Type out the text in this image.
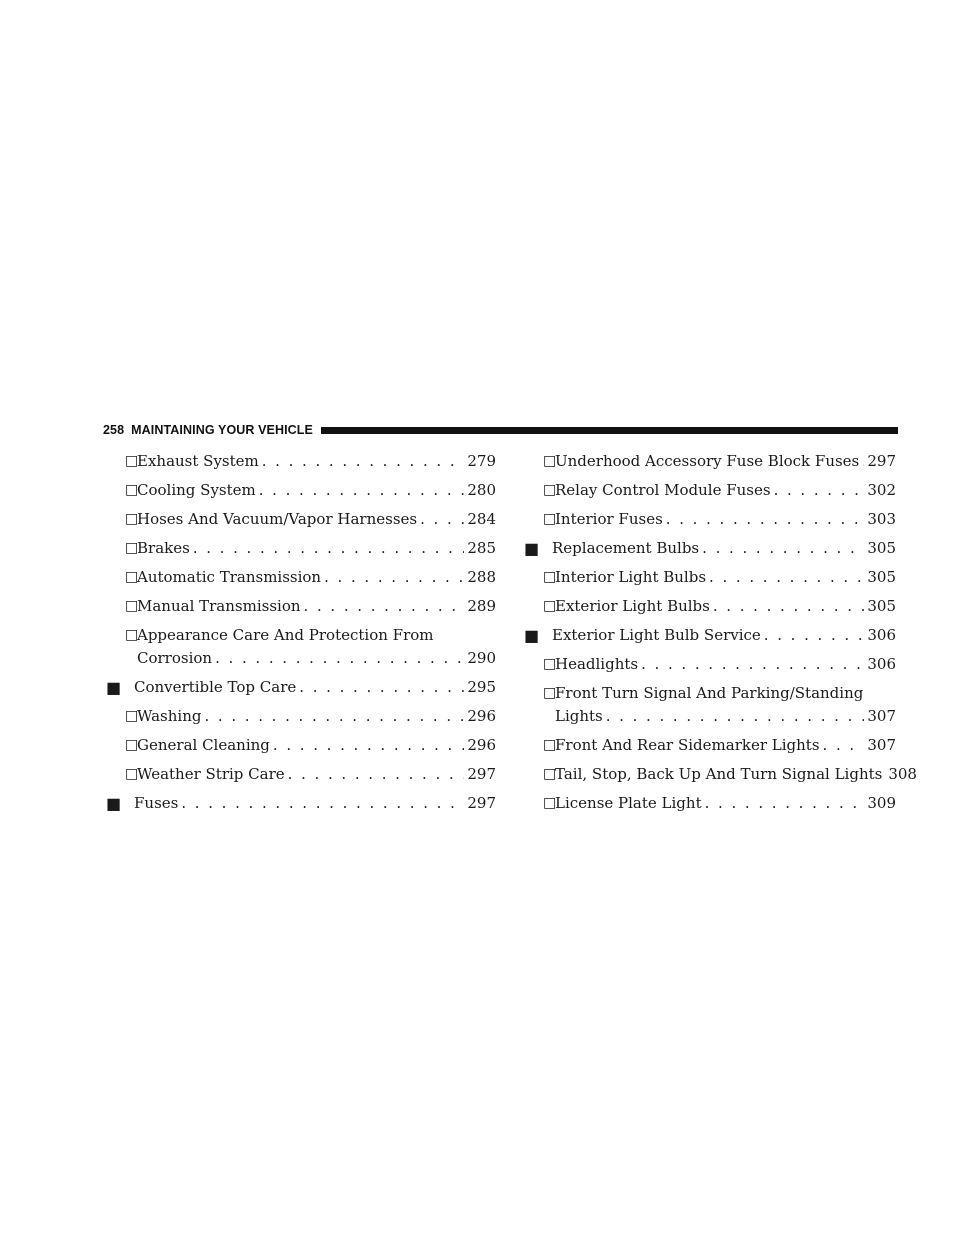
258 MAINTAINING YOUR VEHICLE
□
Exhaust System . . .	279
□
Cooling System . . .	280
□
Hoses And Vacuum/Vapor Harnesses . . .	284
□
Brakes . . .	285
□
Automatic Transmission . . .	288
□
Manual Transmission . . .	289
□
Appearance Care And Protection From
Corrosion . . .	290
■ Convertible Top Care . . .	295
□
Washing . . .	296
□
General Cleaning . . .	296
□
Weather Strip Care . . .	297
■ Fuses . . .	297
□
Underhood Accessory Fuse Block Fuses . . . 297
□
Relay Control Module Fuses . . .	302
□
Interior Fuses . . .	303
■ Replacement Bulbs . . .	305
□
Interior Light Bulbs . . .	305
□
Exterior Light Bulbs . . .	305
■ Exterior Light Bulb Service . . .	306
□
Headlights . . .	306
□
Front Turn Signal And Parking/Standing
Lights . . .	307
□
Front And Rear Sidemarker Lights . . .	307
□
Tail, Stop, Back Up And Turn Signal Lights 308
□
License Plate Light . . .	309
